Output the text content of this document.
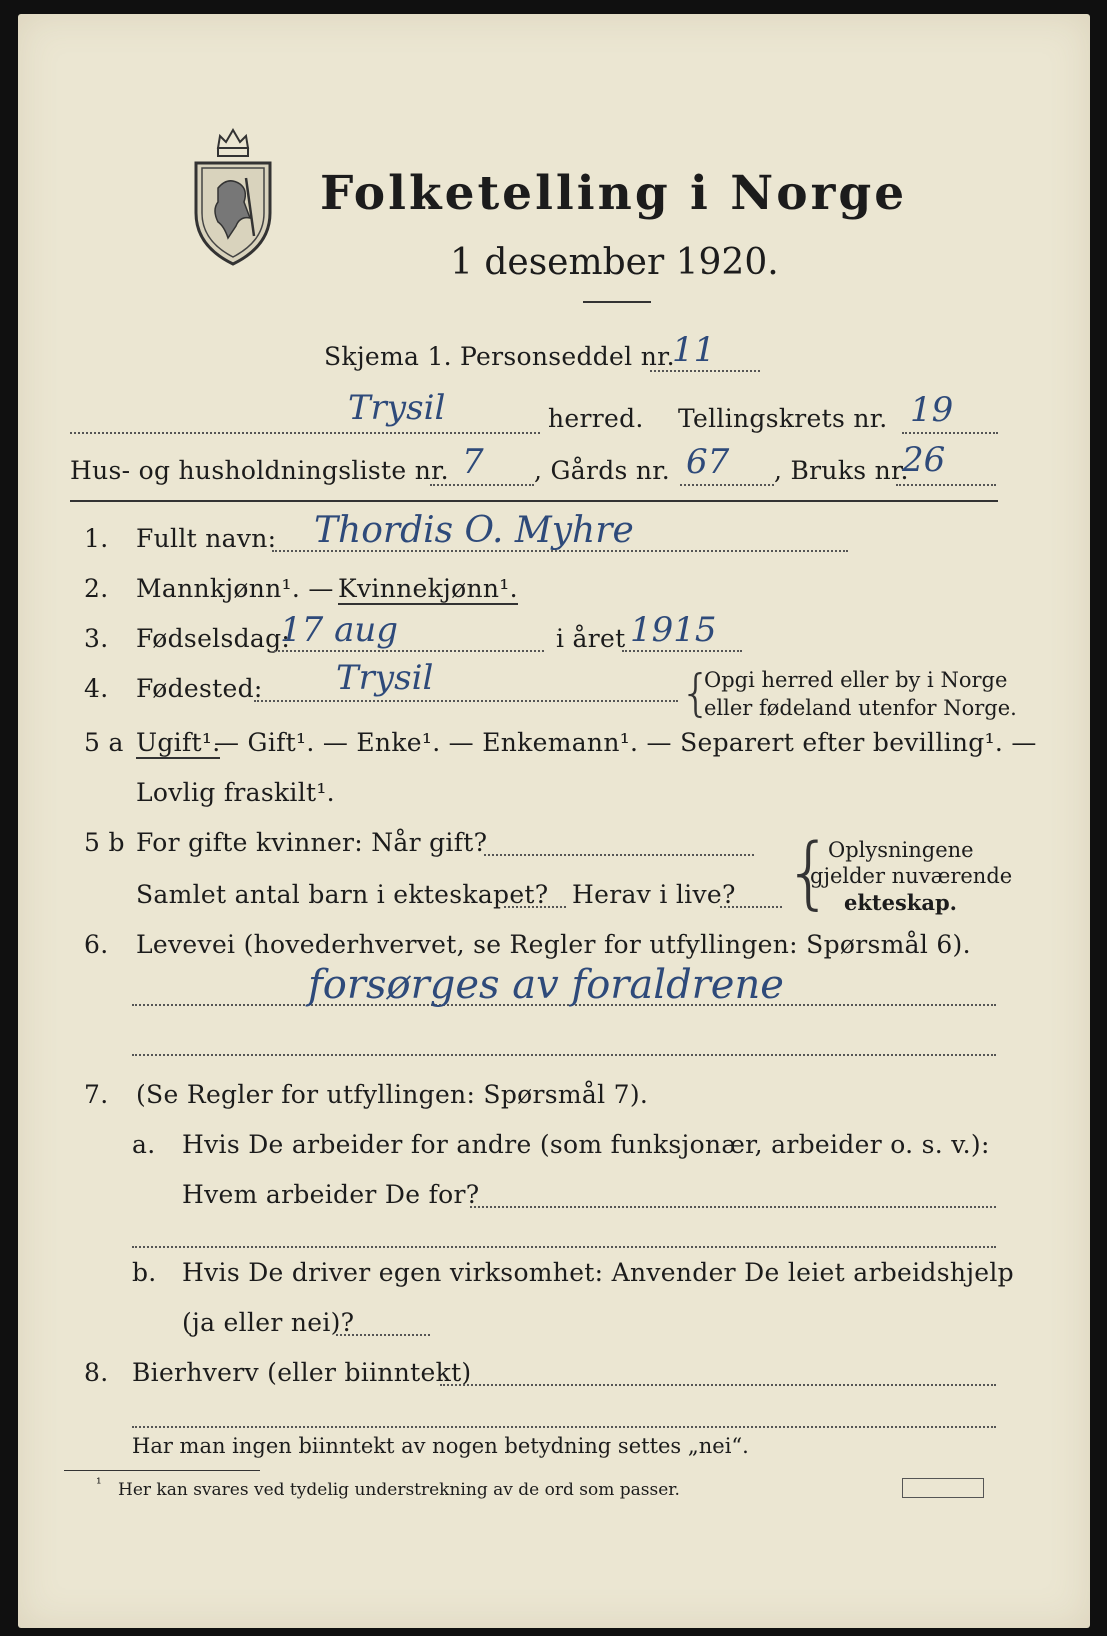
Folketelling i Norge
1 desember 1920.
Skjema 1. Personseddel nr.
11
Trysil	herred. Tellingskrets nr. 19
Hus- og husholdningsliste nr. 7 , Gårds nr. 67 , Bruks nr.
26
1. Fullt navn: Thordis O. Myhre
2. Mannkjønn¹. — Kvinnekjønn¹.
3. Fødselsdag:
17 aug	i året 1915
4. Fødested: Trysil	{
Opgi herred eller by i Norge
eller fødeland utenfor Norge.
5 a Ugift¹.
— Gift¹. — Enke¹. — Enkemann¹. — Separert efter bevilling¹. —
Lovlig fraskilt¹.
5 b For gifte kvinner: Når gift?
Samlet antal barn i ekteskapet? Herav i live? {
Oplysningene
gjelder nuværende
ekteskap.
6. Levevei (hovederhvervet, se Regler for utfyllingen: Spørsmål 6).
forsørges av foraldrene
7. (Se Regler for utfyllingen: Spørsmål 7).
a. Hvis De arbeider for andre (som funksjonær, arbeider o. s. v.):
Hvem arbeider De for?
b. Hvis De driver egen virksomhet: Anvender De leiet arbeidshjelp
(ja eller nei)?
8. Bierhverv (eller biinntekt)
Har man ingen biinntekt av nogen betydning settes „nei“.
¹ Her kan svares ved tydelig understrekning av de ord som passer.
